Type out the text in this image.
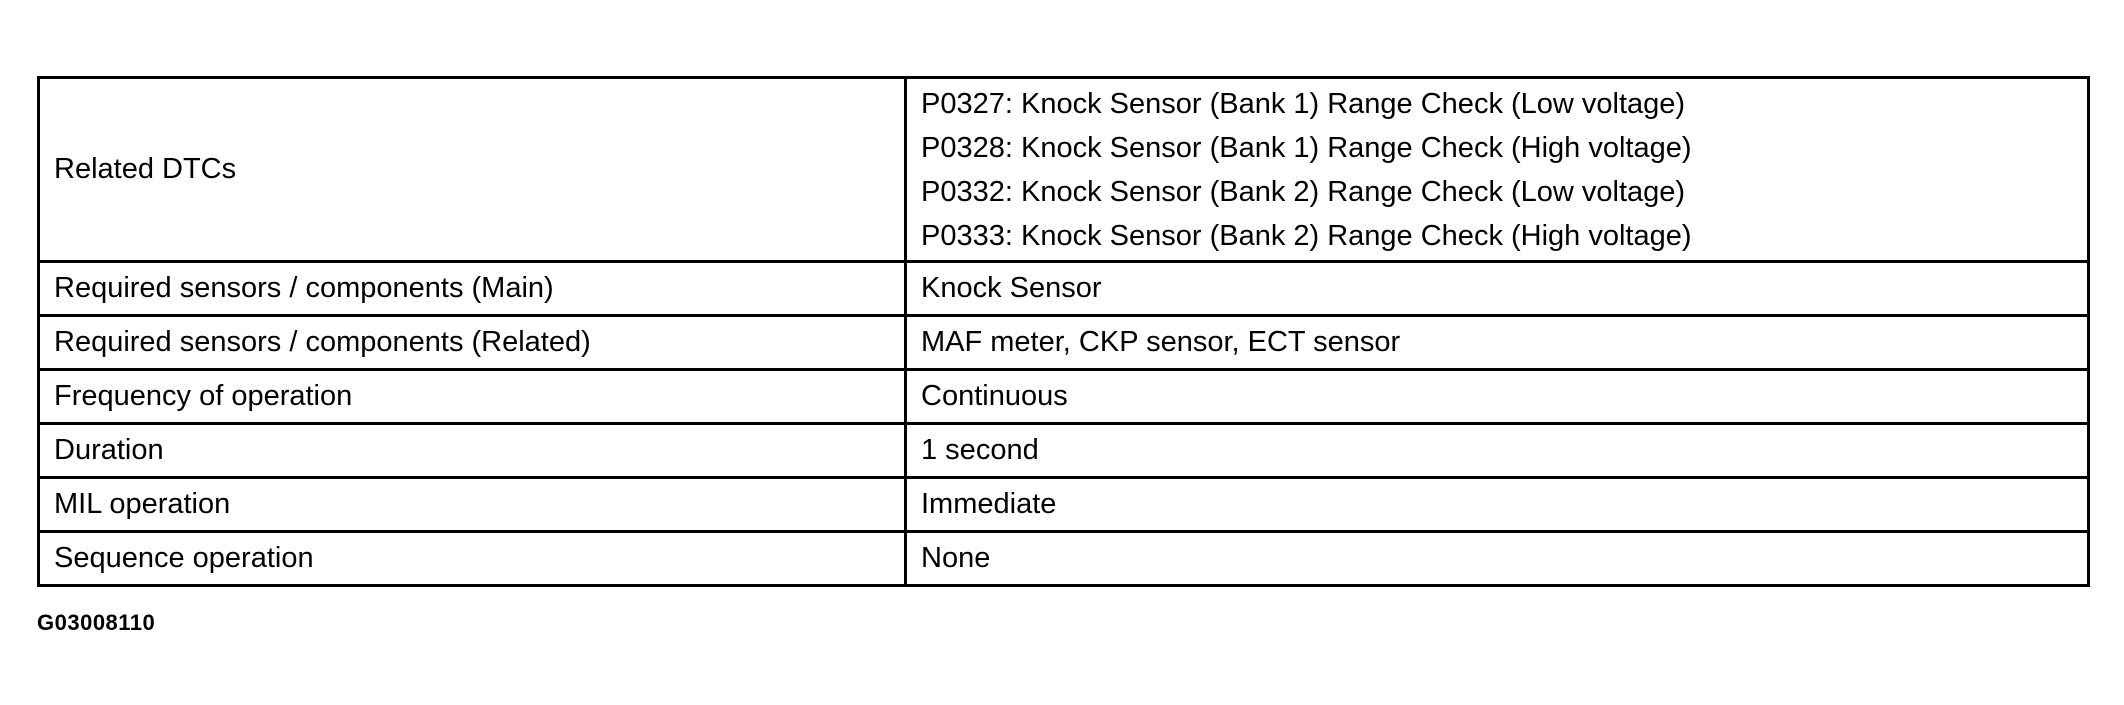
Related DTCs	P0327: Knock Sensor (Bank 1) Range Check (Low voltage)
P0328: Knock Sensor (Bank 1) Range Check (High voltage)
P0332: Knock Sensor (Bank 2) Range Check (Low voltage)
P0333: Knock Sensor (Bank 2) Range Check (High voltage)

Required sensors / components (Main)	Knock Sensor
Required sensors / components (Related)	MAF meter, CKP sensor, ECT sensor
Frequency of operation	Continuous
Duration	1 second
MIL operation	Immediate
Sequence operation	None
G03008110
